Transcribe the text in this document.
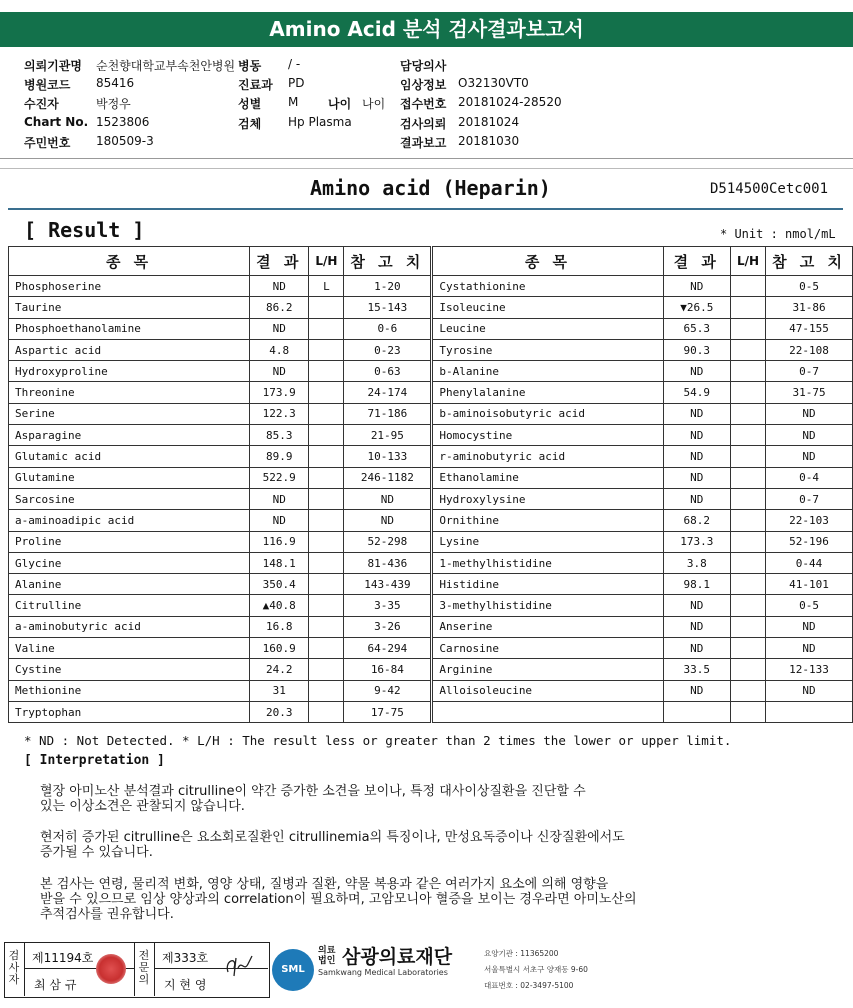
Amino Acid 분석 검사결과보고서
의뢰기관명 순천향대학교부속천안병원 병동 / -	담당의사
병원코드 85416	진료과 PD	임상정보 O32130VT0
수진자	박정우	성별 M 나이 나이 접수번호 20181024-28520
Chart No. 1523806	검체 Hp Plasma	검사의뢰 20181024
주민번호 180509-3	결과보고 20181030
Amino acid (Heparin)	D514500Cetc001
[ Result ]	* Unit : nmol/mL
종 목	결 과	L/H	참 고 치	종 목	결 과	L/H	참 고 치
Phosphoserine	ND	L	1-20	Cystathionine	ND		0-5
Taurine	86.2		15-143	Isoleucine	▼26.5		31-86
Phosphoethanolamine	ND		0-6	Leucine	65.3		47-155
Aspartic acid	4.8		0-23	Tyrosine	90.3		22-108
Hydroxyproline	ND		0-63	b-Alanine	ND		0-7
Threonine	173.9		24-174	Phenylalanine	54.9		31-75
Serine	122.3		71-186	b-aminoisobutyric acid	ND		ND
Asparagine	85.3		21-95	Homocystine	ND		ND
Glutamic acid	89.9		10-133	r-aminobutyric acid	ND		ND
Glutamine	522.9		246-1182	Ethanolamine	ND		0-4
Sarcosine	ND		ND	Hydroxylysine	ND		0-7
a-aminoadipic acid	ND		ND	Ornithine	68.2		22-103
Proline	116.9		52-298	Lysine	173.3		52-196
Glycine	148.1		81-436	1-methylhistidine	3.8		0-44
Alanine	350.4		143-439	Histidine	98.1		41-101
Citrulline	▲40.8		3-35	3-methylhistidine	ND		0-5
a-aminobutyric acid	16.8		3-26	Anserine	ND		ND
Valine	160.9		64-294	Carnosine	ND		ND
Cystine	24.2		16-84	Arginine	33.5		12-133
Methionine	31		9-42	Alloisoleucine	ND		ND
Tryptophan	20.3		17-75				
* ND : Not Detected. * L/H : The result less or greater than 2 times the lower or upper limit.
[ Interpretation ]
혈장 아미노산 분석결과 citrulline이 약간 증가한 소견을 보이나, 특정 대사이상질환을 진단할 수
있는 이상소견은 관찰되지 않습니다.
현저히 증가된 citrulline은 요소회로질환인 citrullinemia의 특징이나, 만성요독증이나 신장질환에서도
증가될 수 있습니다.
본 검사는 연령, 물리적 변화, 영양 상태, 질병과 질환, 약물 복용과 같은 여러가지 요소에 의해 영향을
받을 수 있으므로 임상 양상과의 correlation이 필요하며, 고암모니아 혈증을 보이는 경우라면 아미노산의
추적검사를 권유합니다.
검사자
제11194호
최 삼 규
전문의
제333호
지 현 영
SML
의료법인 삼광의료재단
Samkwang Medical Laboratories
요양기관 : 11365200
서울특별시 서초구 양재동 9-60
대표번호 : 02-3497-5100
